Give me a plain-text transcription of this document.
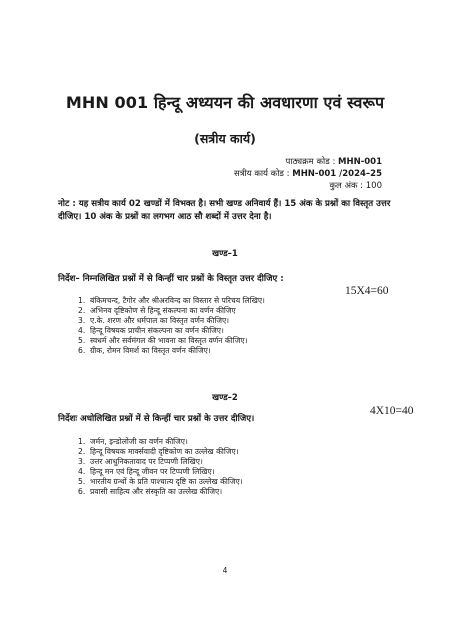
MHN 001 हिन्दू अध्ययन की अवधारणा एवं स्वरूप
(सत्रीय कार्य)
पाठ्यक्रम कोड : MHN-001
सत्रीय कार्य कोड : MHN-001 /2024–25
कुल अंक : 100
नोट : यह सत्रीय कार्य 02 खण्डों में विभक्त है। सभी खण्ड अनिवार्य हैं। 15 अंक के प्रश्नों का विस्तृत उत्तर दीजिए। 10 अंक के प्रश्नों का लगभग आठ सौ शब्दों में उत्तर देना है।
खण्ड–1
निर्देश– निम्नलिखित प्रश्नों में से किन्हीं चार प्रश्नों के विस्तृत उत्तर दीजिए :
15X4=60
1. बंकिमचन्द, टैगोर और श्रीअरविन्द का विस्तार से परिचय लिखिए।
2. अभिनव दृष्टिकोण से हिन्दू संकल्पना का वर्णन कीजिए
3. ए.के. शरण और धर्मपाल का विस्तृत वर्णन कीजिए।
4. हिन्दू विषयक प्राचीन संकल्पना का वर्णन कीजिए।
5. स्वधर्म और सर्वमंगल की भावना का विस्तृत वर्णन कीजिए।
6. ग्रीक, रोमन विमर्श का विस्तृत वर्णन कीजिए।
खण्ड–2
4X10=40
निर्देशः अधोलिखित प्रश्नों में से किन्हीं चार प्रश्नों के उत्तर दीजिए।
1. जर्मन, इन्डोलोजी का वर्णन कीजिए।
2. हिन्दू विषयक मार्क्सवादी दृष्टिकोण का उल्लेख कीजिए।
3. उत्तर आधुनिकतावाद पर टिप्पणी लिखिए।
4. हिन्दू मन एवं हिन्दू जीवन पर टिप्पणी लिखिए।
5. भारतीय ग्रन्थों के प्रति पाश्चात्य दृष्टि का उल्लेख कीजिए।
6. प्रवासी साहित्य और संस्कृति का उल्लेख कीजिए।
4
